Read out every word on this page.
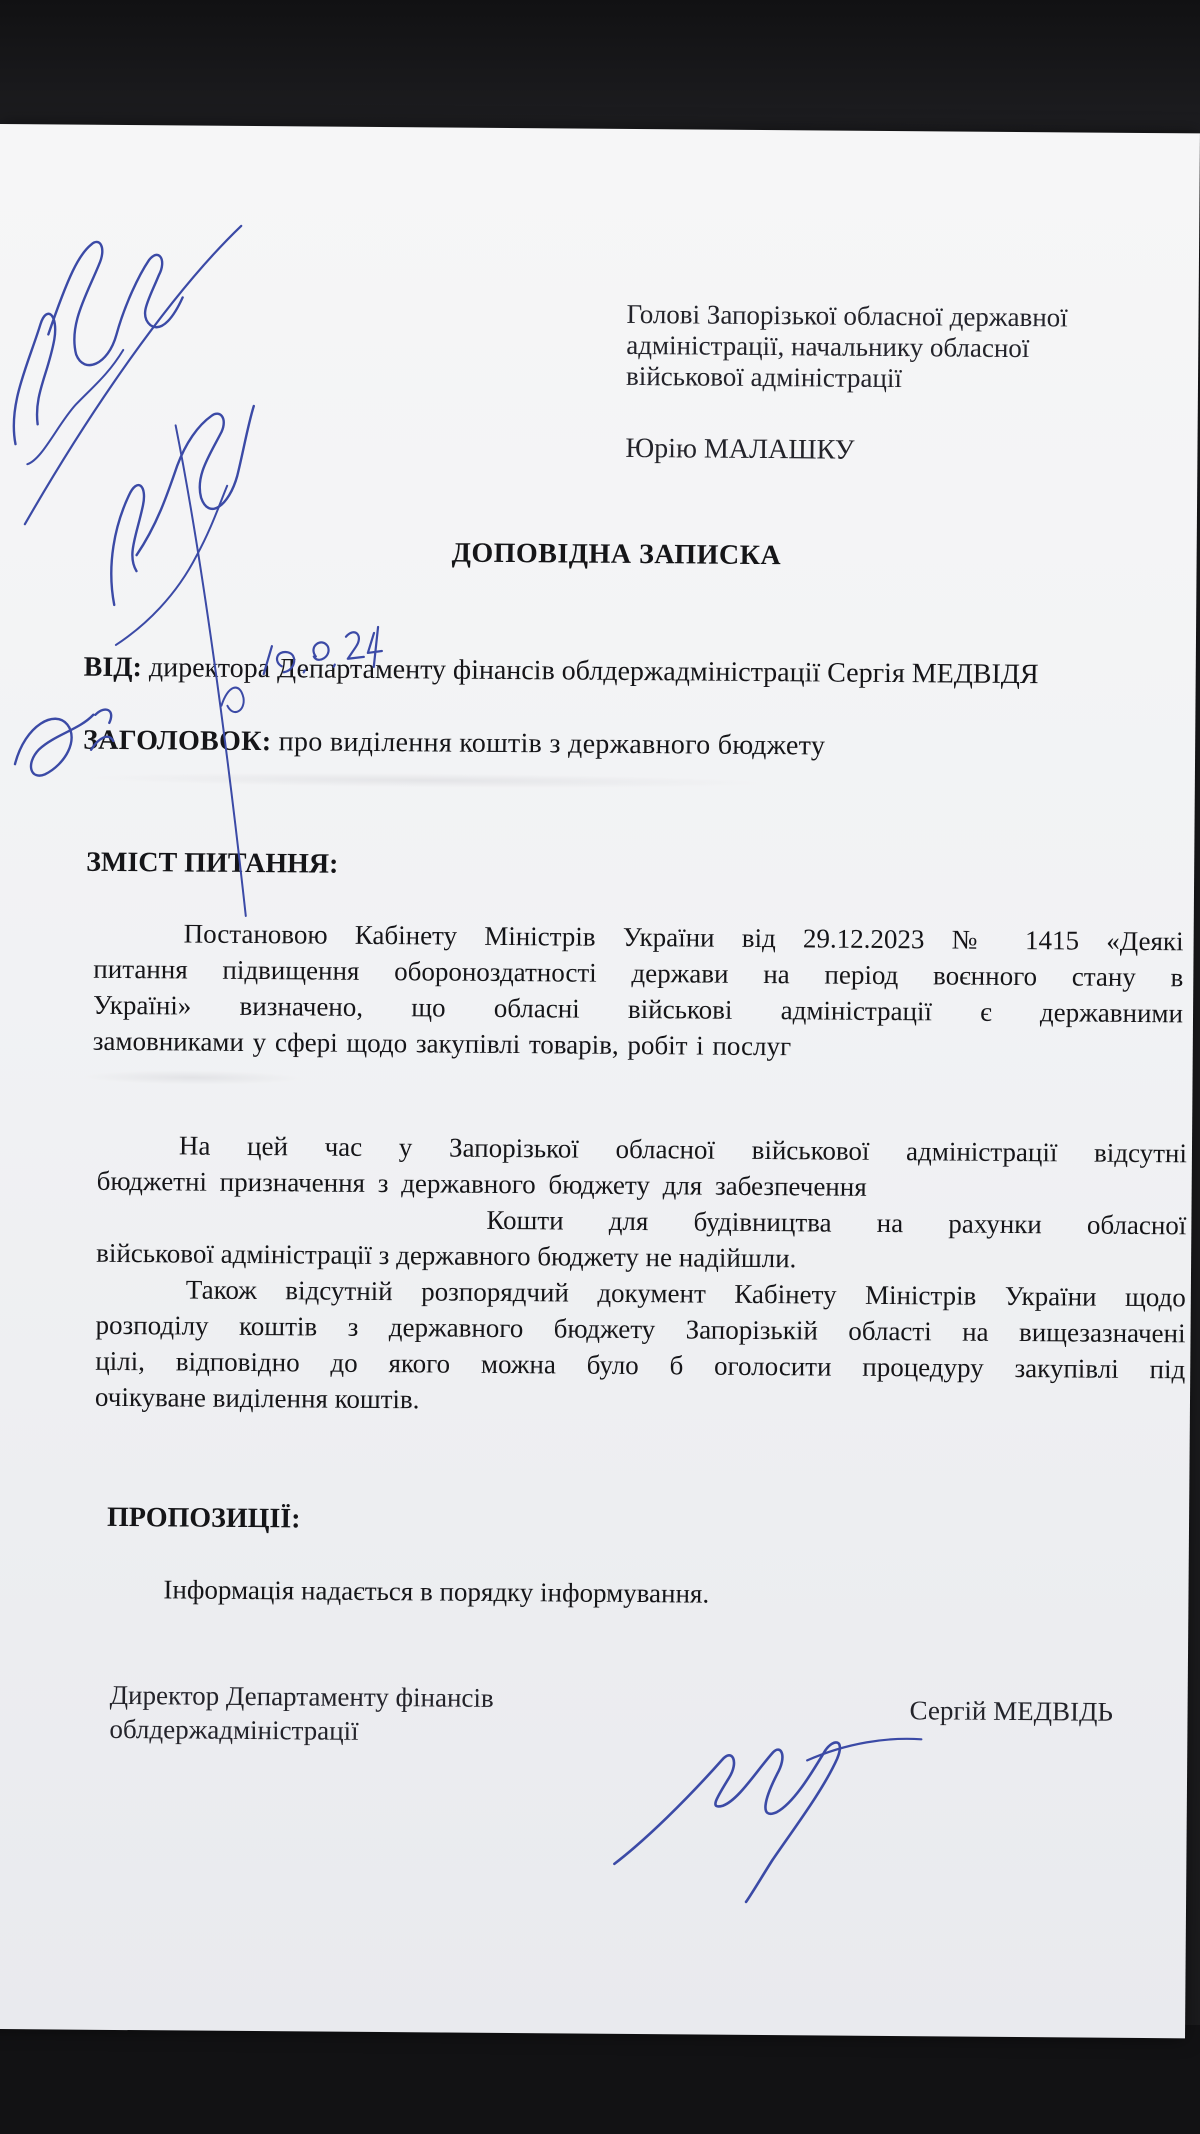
Голові Запорізької обласної державної
адміністрації, начальнику обласної
військової адміністрації
Юрію МАЛАШКУ
ДОПОВІДНА ЗАПИСКА
ВІД: директора Департаменту фінансів облдержадміністрації Сергія МЕДВІДЯ
ЗАГОЛОВОК: про виділення коштів з державного бюджету
ЗМІСТ ПИТАННЯ:
Постановою Кабінету Міністрів України від 29.12.2023 № 1415 «Деякі
питання підвищення обороноздатності держави на період воєнного стану в
Україні» визначено, що обласні військові адміністрації є державними
замовниками у сфері щодо закупівлі товарів, робіт і послуг
На цей час у Запорізької обласної військової адміністрації відсутні
бюджетні призначення з державного бюджету для забезпечення
Кошти для будівництва на рахунки обласної
військової адміністрації з державного бюджету не надійшли.
Також відсутній розпорядчий документ Кабінету Міністрів України щодо
розподілу коштів з державного бюджету Запорізькій області на вищезазначені
цілі, відповідно до якого можна було б оголосити процедуру закупівлі під
очікуване виділення коштів.
ПРОПОЗИЦІЇ:
Інформація надається в порядку інформування.
Директор Департаменту фінансів
облдержадміністрації
Сергій МЕДВІДЬ
